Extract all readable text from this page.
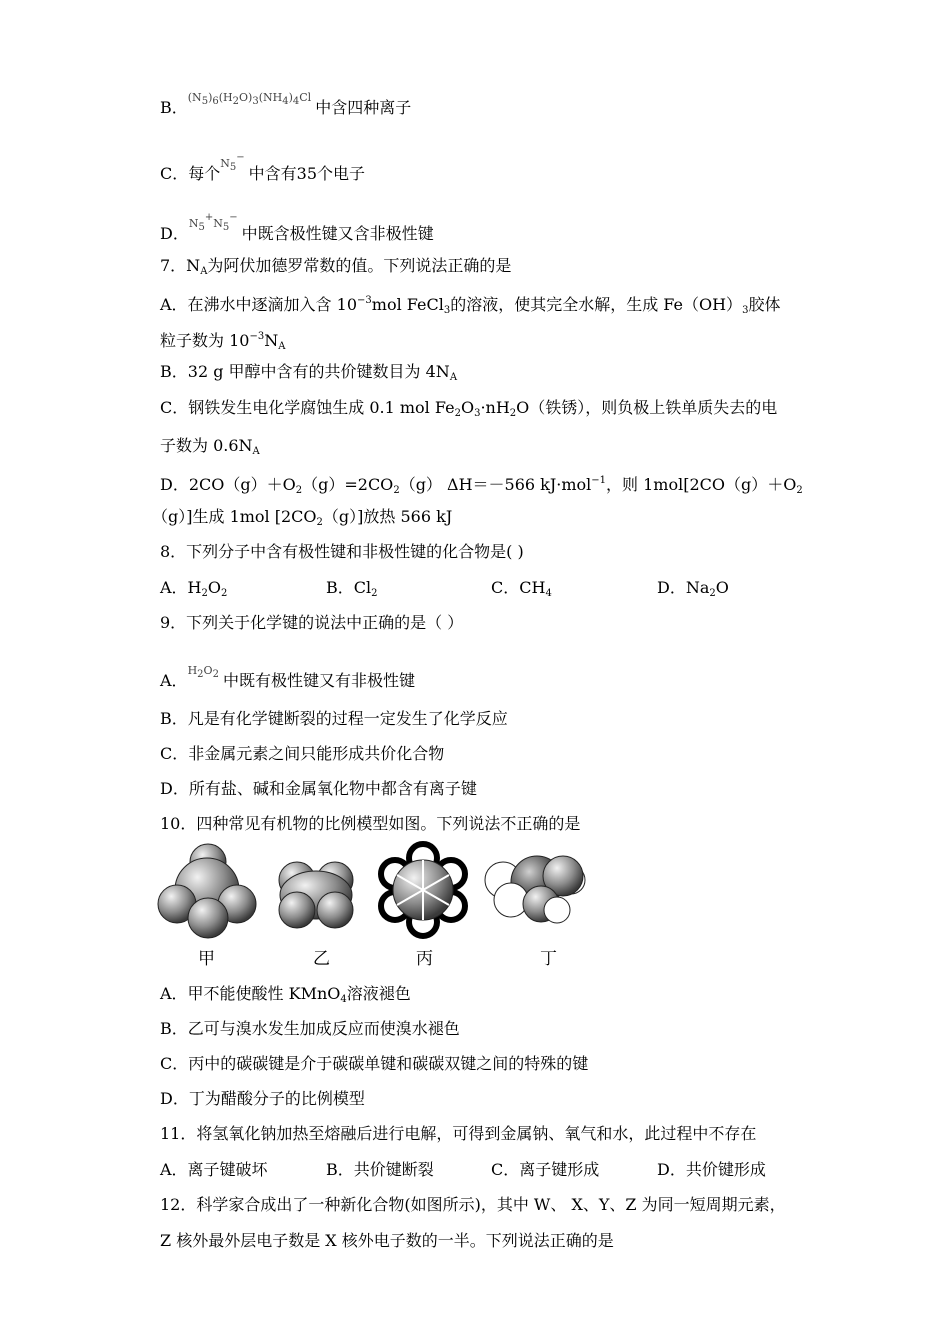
B．(N5)6(H2O)3(NH4)4Cl中含四种离子
C．每个N5−中含有35个电子
D．N5+N5−中既含极性键又含非极性键
7．$N_A$为阿伏加德罗常数的值。下列说法正确的是
A．在沸水中逐滴加入含 $10^{-3}mol$ FeCl$_3$的溶液，使其完全水解，生成 $Fe(OH)_3$胶体
粒子数为 $10^{-3}N_A$
B．32 g 甲醇中含有的共价键数目为 $4N_A$
C．钢铁发生电化学腐蚀生成 0.1 mol $Fe_2O_3\cdot nH_2O$（铁锈），则负极上铁单质失去的电
子数为 $0.6N_A$
D．$2CO(g)+O_2(g)=2CO_2(g)$ ΔH＝－566 kJ·mol$^{-1}$，则 $1mol[2CO(g)+O_2$
（g）]生成 1mol $[2CO_2(g)]$放热 566 kJ
8．下列分子中含有极性键和非极性键的化合物是( )
A．$H_2O_2$	B．$Cl_2$	C．$CH_4$	D．$Na_2O$
9．下列关于化学键的说法中正确的是（ ）
A．H2O2 中既有极性键又有非极性键
B．凡是有化学键断裂的过程一定发生了化学反应
C．非金属元素之间只能形成共价化合物
D．所有盐、碱和金属氧化物中都含有离子键
10．四种常见有机物的比例模型如图。下列说法不正确的是
甲	乙	丙	丁
A．甲不能使酸性 KMnO$_4$溶液褪色
B．乙可与溴水发生加成反应而使溴水褪色
C．丙中的碳碳键是介于碳碳单键和碳碳双键之间的特殊的键
D．丁为醋酸分子的比例模型
11．将氢氧化钠加热至熔融后进行电解，可得到金属钠、氧气和水，此过程中不存在
A．离子键破坏	B．共价键断裂	C．离子键形成	D．共价键形成
12．科学家合成出了一种新化合物(如图所示)，其中 W、 X、Y、Z 为同一短周期元素，
Z 核外最外层电子数是 X 核外电子数的一半。下列说法正确的是
